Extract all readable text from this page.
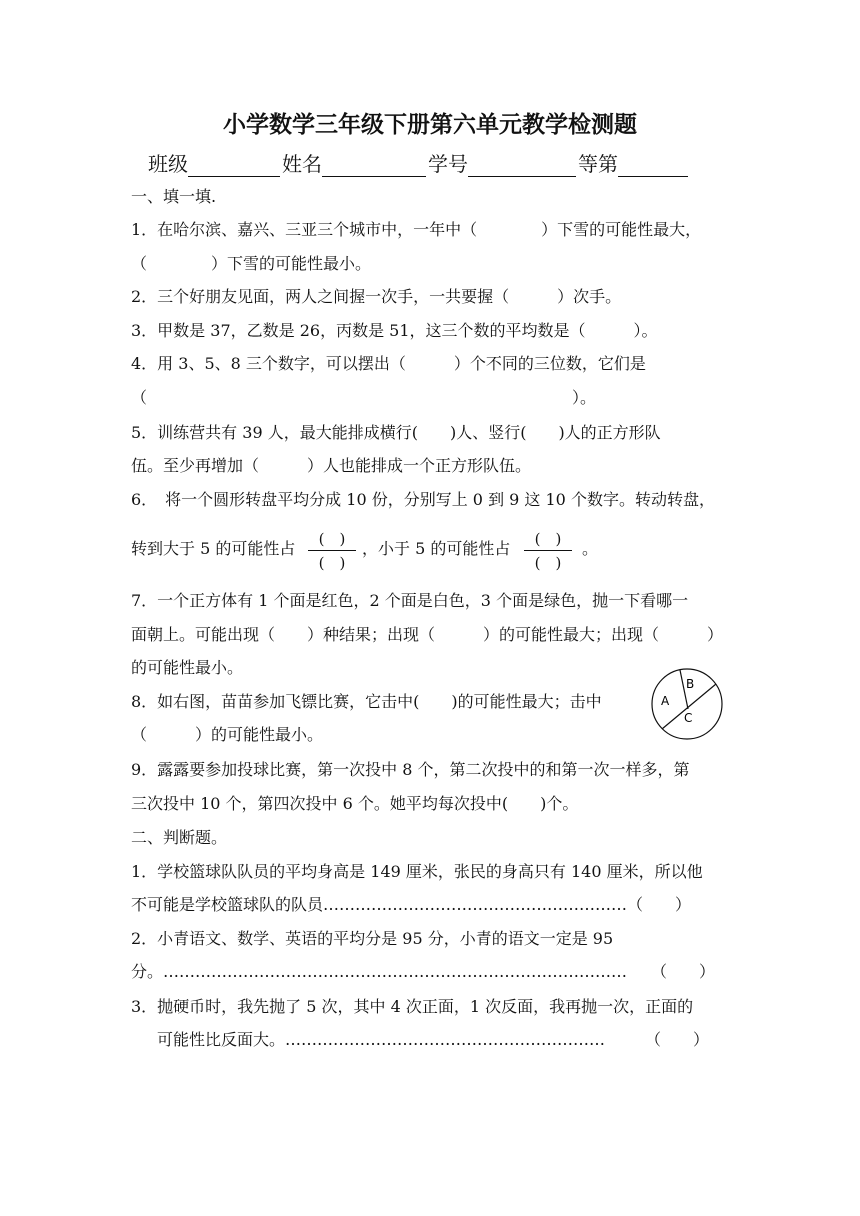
小学数学三年级下册第六单元教学检测题
班级	姓名	学号	等第
一、填一填.
1．在哈尔滨、嘉兴、三亚三个城市中，一年中（　　　　）下雪的可能性最大，
（　　　　）下雪的可能性最小。
2．三个好朋友见面，两人之间握一次手，一共要握（　　　）次手。
3．甲数是 37，乙数是 26，丙数是 51，这三个数的平均数是（　　　）。
4．用 3、5、8 三个数字，可以摆出（　　　）个不同的三位数，它们是
（	）。
5．训练营共有 39 人，最大能排成横行(　　)人、竖行(　　)人的正方形队
伍。至少再增加（　　　）人也能排成一个正方形队伍。
6．　将一个圆形转盘平均分成 10 份，分别写上 0 到 9 这 10 个数字。转动转盘，
转到大于 5 的可能性占	(　)
(　)
，小于 5 的可能性占	(　)
(　)
。
7．一个正方体有 1 个面是红色，2 个面是白色，3 个面是绿色，抛一下看哪一
面朝上。可能出现（　　）种结果；出现（　　　）的可能性最大；出现（　　　）
的可能性最小。
8．如右图，苗苗参加飞镖比赛，它击中(　　)的可能性最大；击中
（　　　）的可能性最小。
A
B
C
9．露露要参加投球比赛，第一次投中 8 个，第二次投中的和第一次一样多，第
三次投中 10 个，第四次投中 6 个。她平均每次投中(　　)个。
二、判断题。
1．学校篮球队队员的平均身高是 149 厘米，张民的身高只有 140 厘米，所以他
不可能是学校篮球队的队员…………………………………………………（　　）
2．小青语文、数学、英语的平均分是 95 分，小青的语文一定是 95
分。……………………………………………………………………………　　（　　）
3．抛硬币时，我先抛了 5 次，其中 4 次正面，1 次反面，我再抛一次，正面的
可能性比反面大。……………………………………………………　　　（　　）
